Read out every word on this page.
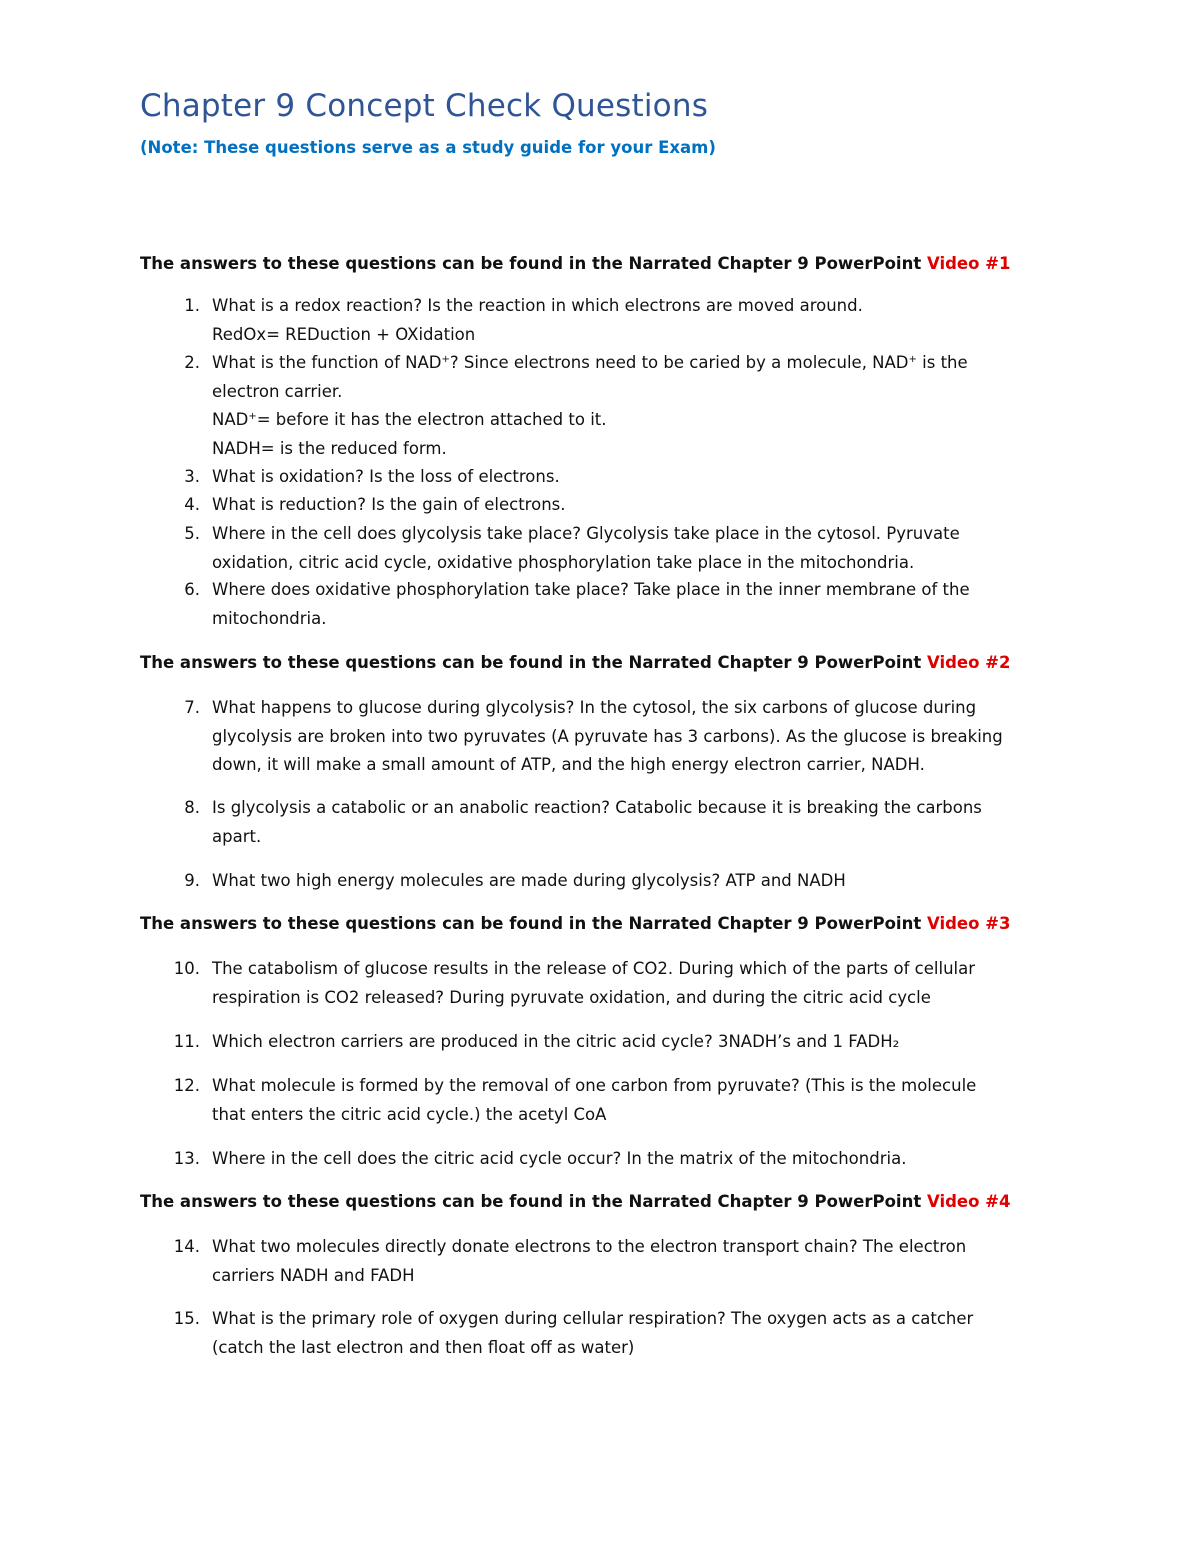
Chapter 9 Concept Check Questions

(Note: These questions serve as a study guide for your Exam)

The answers to these questions can be found in the Narrated Chapter 9 PowerPoint Video #1

1. What is a redox reaction? Is the reaction in which electrons are moved around.
RedOx= REDuction + OXidation
2. What is the function of NAD+? Since electrons need to be caried by a molecule, NAD+ is the
electron carrier.
NAD+= before it has the electron attached to it.
NADH= is the reduced form.
3. What is oxidation? Is the loss of electrons.
4. What is reduction? Is the gain of electrons.
5. Where in the cell does glycolysis take place? Glycolysis take place in the cytosol. Pyruvate
oxidation, citric acid cycle, oxidative phosphorylation take place in the mitochondria.
6. Where does oxidative phosphorylation take place? Take place in the inner membrane of the
mitochondria.

The answers to these questions can be found in the Narrated Chapter 9 PowerPoint Video #2

7. What happens to glucose during glycolysis? In the cytosol, the six carbons of glucose during
glycolysis are broken into two pyruvates (A pyruvate has 3 carbons). As the glucose is breaking
down, it will make a small amount of ATP, and the high energy electron carrier, NADH.
8. Is glycolysis a catabolic or an anabolic reaction? Catabolic because it is breaking the carbons
apart.
9. What two high energy molecules are made during glycolysis? ATP and NADH

The answers to these questions can be found in the Narrated Chapter 9 PowerPoint Video #3

10. The catabolism of glucose results in the release of CO2. During which of the parts of cellular
respiration is CO2 released? During pyruvate oxidation, and during the citric acid cycle
11. Which electron carriers are produced in the citric acid cycle? 3NADH’s and 1 FADH₂
12. What molecule is formed by the removal of one carbon from pyruvate? (This is the molecule
that enters the citric acid cycle.) the acetyl CoA
13. Where in the cell does the citric acid cycle occur? In the matrix of the mitochondria.

The answers to these questions can be found in the Narrated Chapter 9 PowerPoint Video #4

14. What two molecules directly donate electrons to the electron transport chain? The electron
carriers NADH and FADH
15. What is the primary role of oxygen during cellular respiration? The oxygen acts as a catcher
(catch the last electron and then float off as water)
